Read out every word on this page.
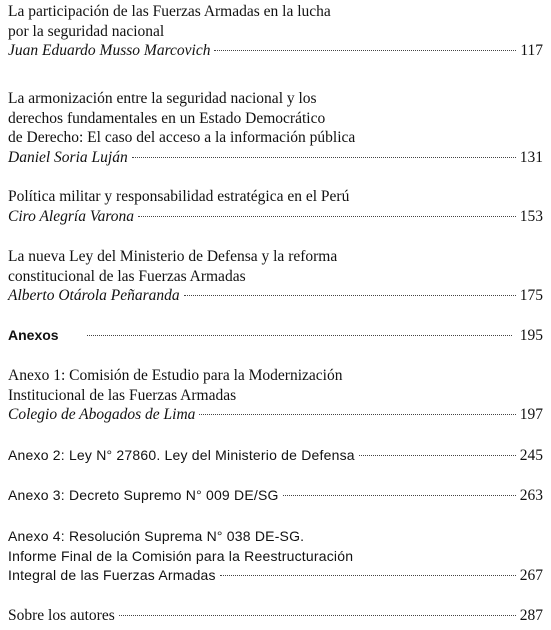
La participación de las Fuerzas Armadas en la lucha
por la seguridad nacional
Juan Eduardo Musso Marcovich	117
La armonización entre la seguridad nacional y los
derechos fundamentales en un Estado Democrático
de Derecho: El caso del acceso a la información pública
Daniel Soria Luján	131
Política militar y responsabilidad estratégica en el Perú
Ciro Alegría Varona	153
La nueva Ley del Ministerio de Defensa y la reforma
constitucional de las Fuerzas Armadas
Alberto Otárola Peñaranda	175
Anexos	195
Anexo 1: Comisión de Estudio para la Modernización
Institucional de las Fuerzas Armadas
Colegio de Abogados de Lima	197
Anexo 2: Ley N° 27860. Ley del Ministerio de Defensa	245
Anexo 3: Decreto Supremo N° 009 DE/SG	263
Anexo 4: Resolución Suprema N° 038 DE-SG.
Informe Final de la Comisión para la Reestructuración
Integral de las Fuerzas Armadas	267
Sobre los autores	287
